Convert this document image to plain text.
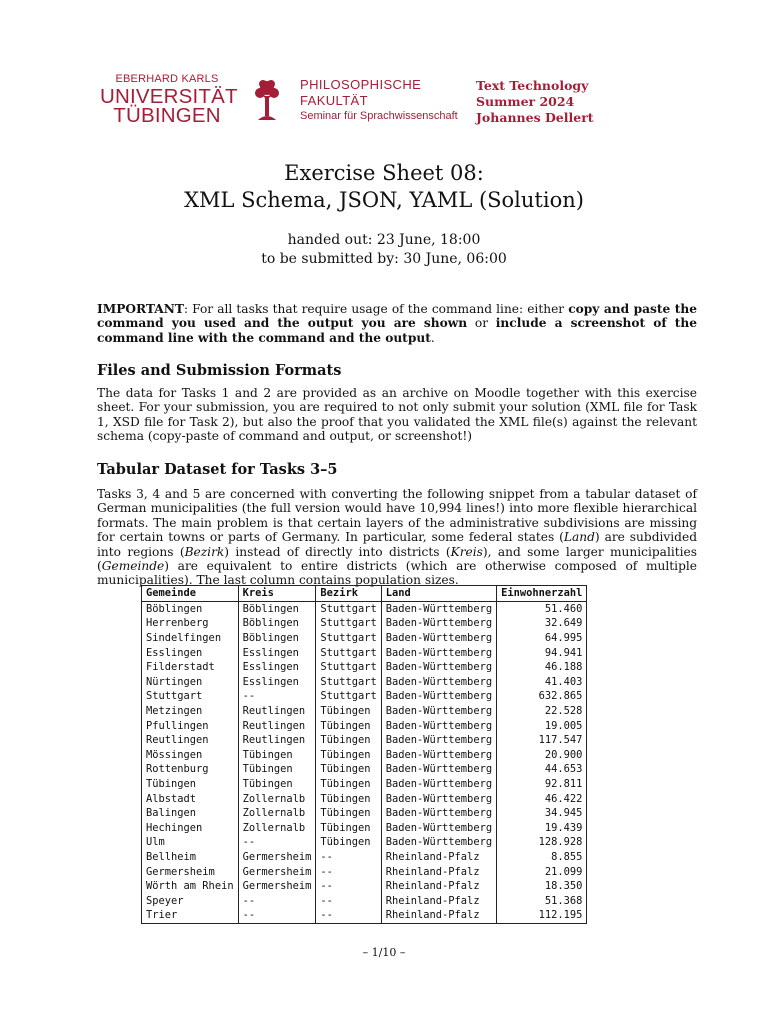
EBERHARD KARLS
UNIVERSITÄT
TÜBINGEN
PHILOSOPHISCHE
FAKULTÄT
Seminar für Sprachwissenschaft
Text Technology
Summer 2024
Johannes Dellert
Exercise Sheet 08:
XML Schema, JSON, YAML (Solution)
handed out: 23 June, 18:00
to be submitted by: 30 June, 06:00
IMPORTANT: For all tasks that require usage of the command line: either copy and paste the command you used and the output you are shown or include a screenshot of the command line with the command and the output.
Files and Submission Formats
The data for Tasks 1 and 2 are provided as an archive on Moodle together with this exercise sheet. For your submission, you are required to not only submit your solution (XML file for Task 1, XSD file for Task 2), but also the proof that you validated the XML file(s) against the relevant schema (copy-paste of command and output, or screenshot!)
Tabular Dataset for Tasks 3–5
Tasks 3, 4 and 5 are concerned with converting the following snippet from a tabular dataset of German municipalities (the full version would have 10,994 lines!) into more flexible hierarchical formats. The main problem is that certain layers of the administrative subdivisions are missing for certain towns or parts of Germany. In particular, some federal states (Land) are subdivided into regions (Bezirk) instead of directly into districts (Kreis), and some larger municipalities (Gemeinde) are equivalent to entire districts (which are otherwise composed of multiple municipalities). The last column contains population sizes.
Gemeinde	Kreis	Bezirk	Land	Einwohnerzahl
Böblingen	Böblingen	Stuttgart	Baden-Württemberg	51.460
Herrenberg	Böblingen	Stuttgart	Baden-Württemberg	32.649
Sindelfingen	Böblingen	Stuttgart	Baden-Württemberg	64.995
Esslingen	Esslingen	Stuttgart	Baden-Württemberg	94.941
Filderstadt	Esslingen	Stuttgart	Baden-Württemberg	46.188
Nürtingen	Esslingen	Stuttgart	Baden-Württemberg	41.403
Stuttgart	--	Stuttgart	Baden-Württemberg	632.865
Metzingen	Reutlingen	Tübingen	Baden-Württemberg	22.528
Pfullingen	Reutlingen	Tübingen	Baden-Württemberg	19.005
Reutlingen	Reutlingen	Tübingen	Baden-Württemberg	117.547
Mössingen	Tübingen	Tübingen	Baden-Württemberg	20.900
Rottenburg	Tübingen	Tübingen	Baden-Württemberg	44.653
Tübingen	Tübingen	Tübingen	Baden-Württemberg	92.811
Albstadt	Zollernalb	Tübingen	Baden-Württemberg	46.422
Balingen	Zollernalb	Tübingen	Baden-Württemberg	34.945
Hechingen	Zollernalb	Tübingen	Baden-Württemberg	19.439
Ulm	--	Tübingen	Baden-Württemberg	128.928
Bellheim	Germersheim	--	Rheinland-Pfalz	8.855
Germersheim	Germersheim	--	Rheinland-Pfalz	21.099
Wörth am Rhein	Germersheim	--	Rheinland-Pfalz	18.350
Speyer	--	--	Rheinland-Pfalz	51.368
Trier	--	--	Rheinland-Pfalz	112.195
– 1/10 –
